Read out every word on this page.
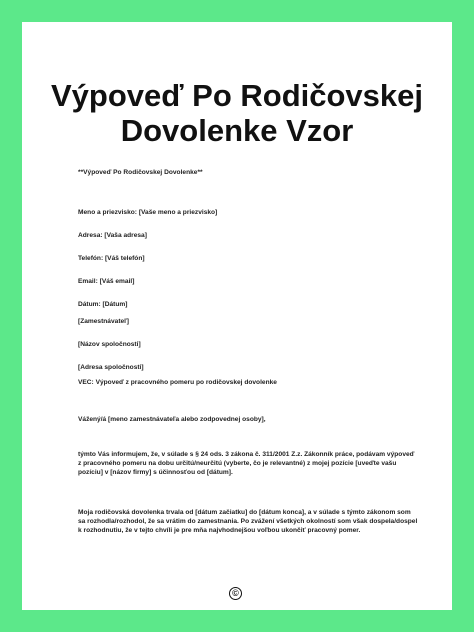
Výpoveď Po Rodičovskej
Dovolenke Vzor

**Výpoveď Po Rodičovskej Dovolenke**

Meno a priezvisko: [Vaše meno a priezvisko]

Adresa: [Vaša adresa]

Telefón: [Váš telefón]

Email: [Váš email]

Dátum: [Dátum]

[Zamestnávateľ]

[Názov spoločnosti]

[Adresa spoločnosti]

VEC: Výpoveď z pracovného pomeru po rodičovskej dovolenke

Vážený/á [meno zamestnávateľa alebo zodpovednej osoby],

týmto Vás informujem, že, v súlade s § 24 ods. 3 zákona č. 311/2001 Z.z. Zákonník práce, podávam výpoveď z pracovného pomeru na dobu určitú/neurčitú (vyberte, čo je relevantné) z mojej pozície [uveďte vašu pozíciu] v [názov firmy] s účinnosťou od [dátum].

Moja rodičovská dovolenka trvala od [dátum začiatku] do [dátum konca], a v súlade s týmto zákonom som sa rozhodla/rozhodol, že sa vrátim do zamestnania. Po zvážení všetkých okolností som však dospela/dospel k rozhodnutiu, že v tejto chvíli je pre mňa najvhodnejšou voľbou ukončiť pracovný pomer.

©
